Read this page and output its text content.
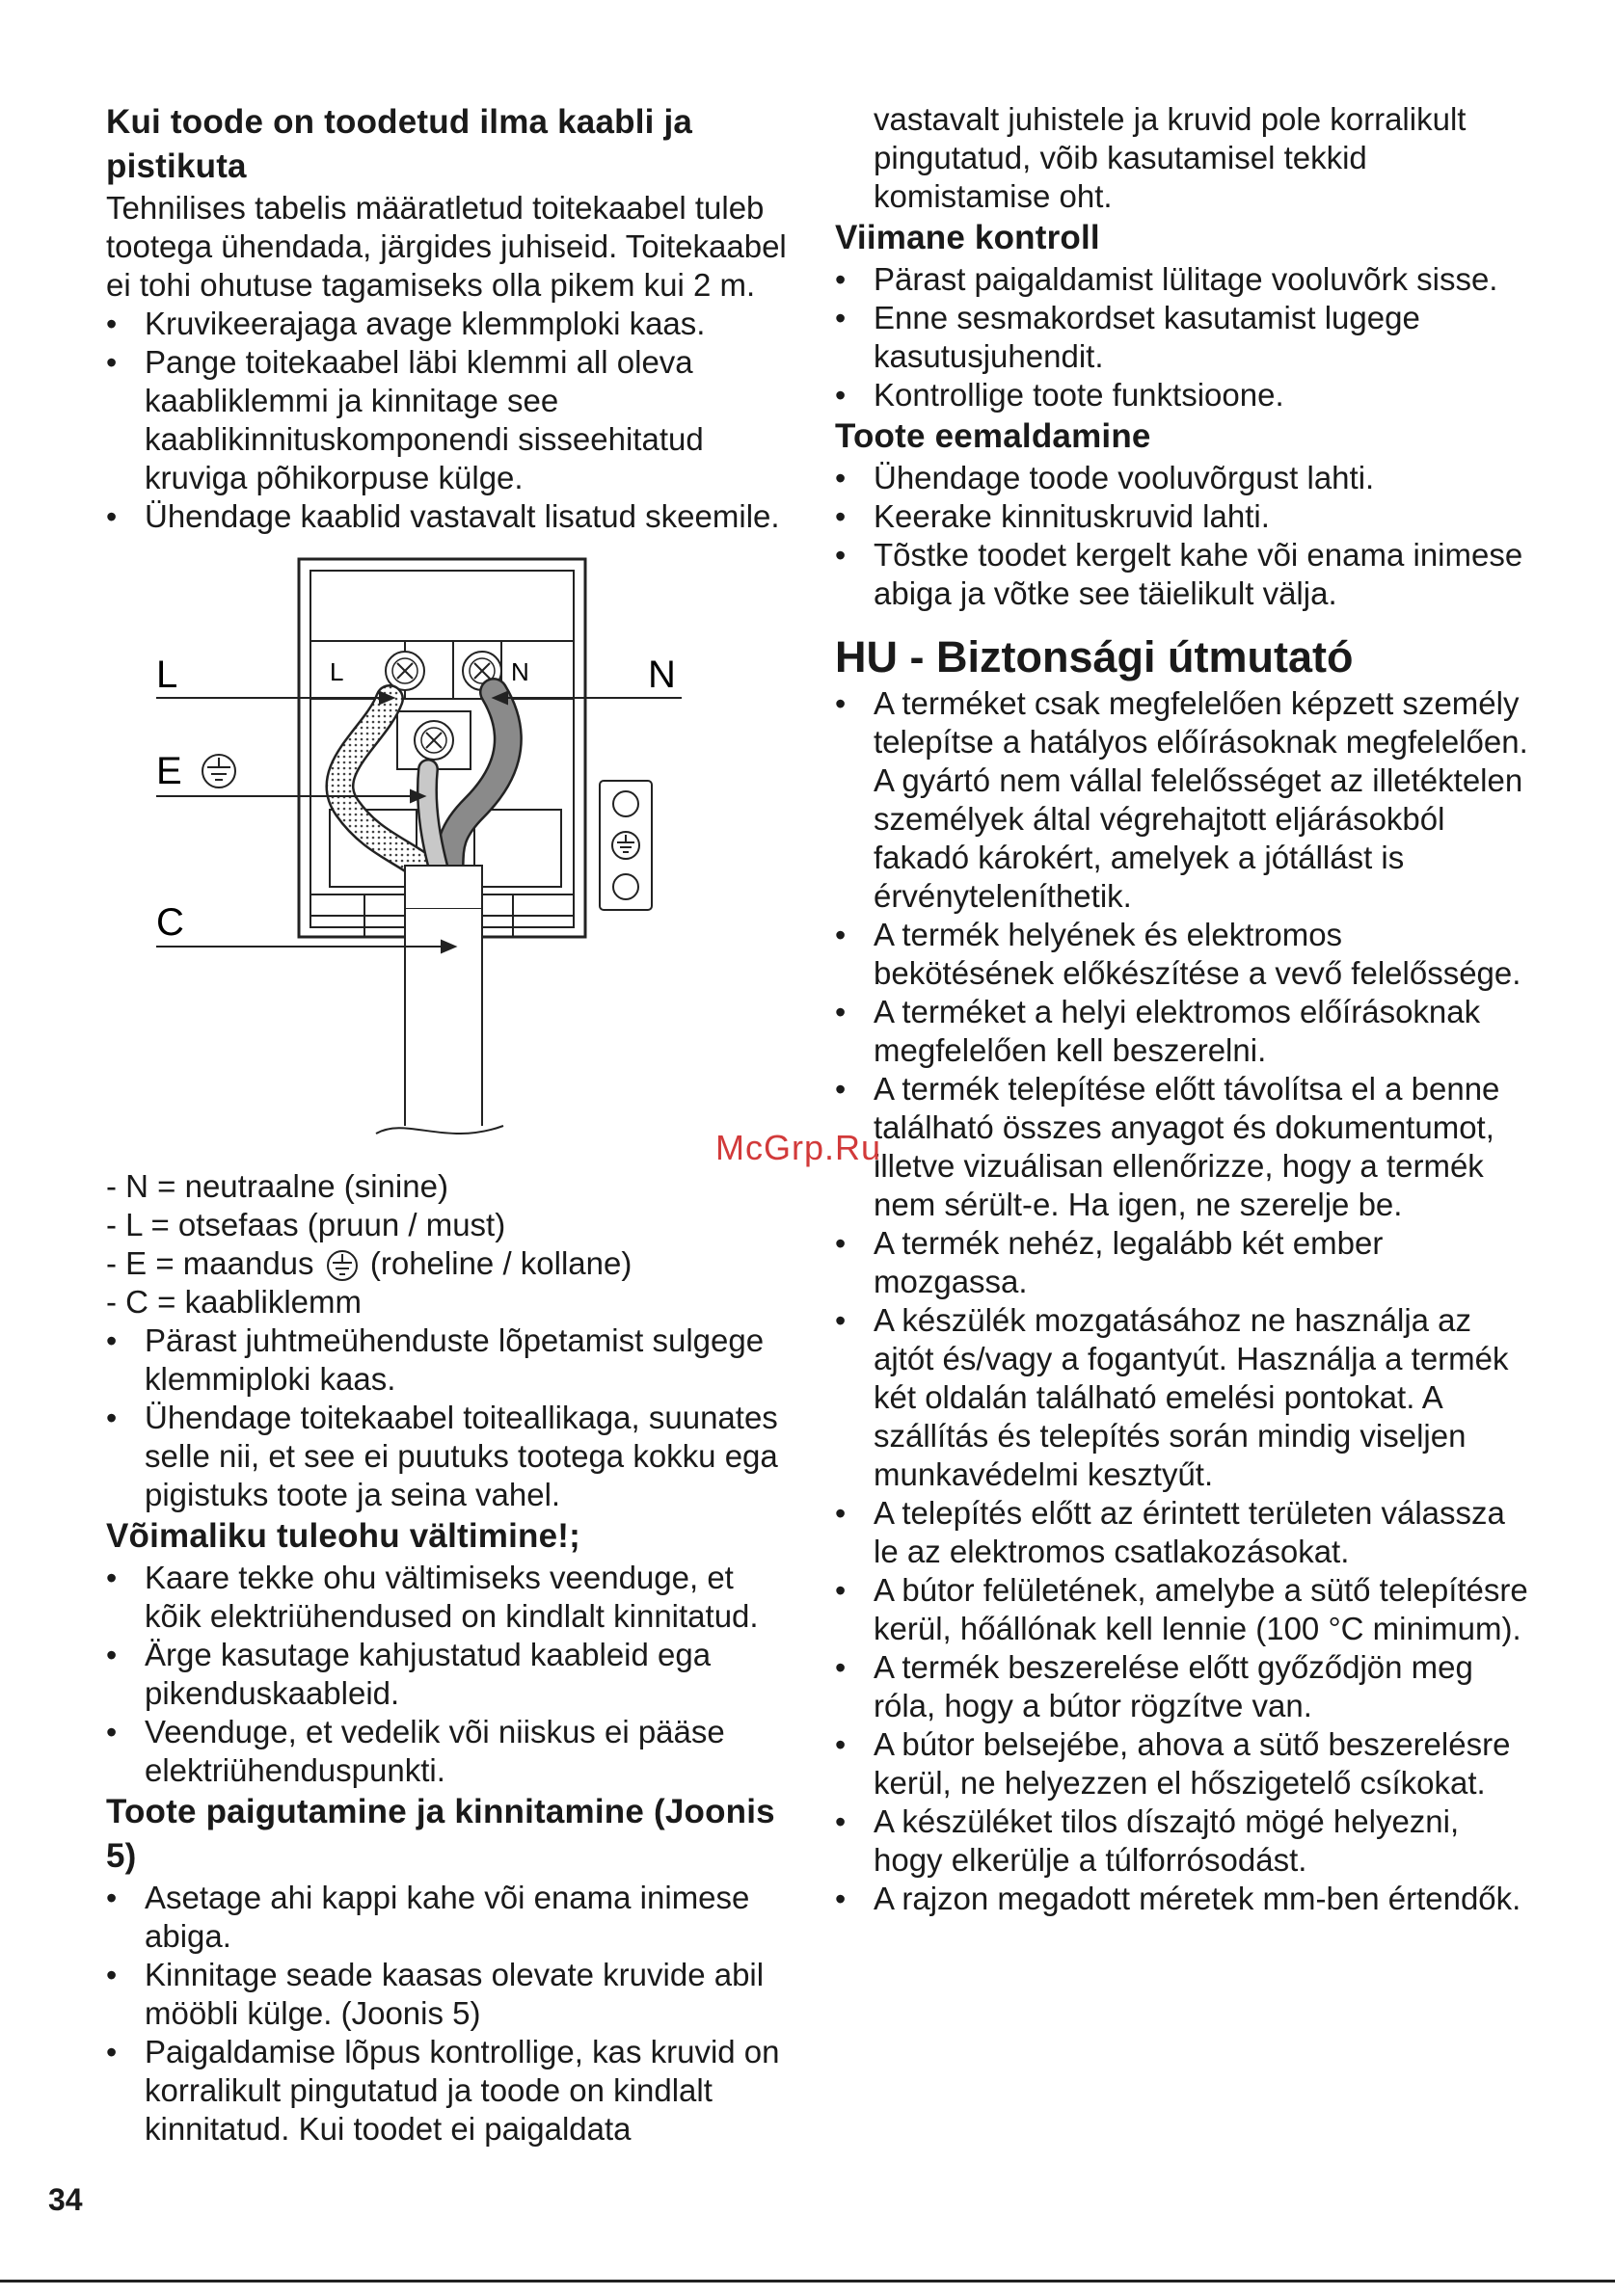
Kui toode on toodetud ilma kaabli ja pistikuta

Tehnilises tabelis määratletud toitekaabel tuleb tootega ühendada, järgides juhiseid. Toitekaabel ei tohi ohutuse tagamiseks olla pikem kui 2 m.

• Kruvikeerajaga avage klemmploki kaas.
• Pange toitekaabel läbi klemmi all oleva kaabliklemmi ja kinnitage see kaablikinnituskomponendi sisseehitatud kruviga põhikorpuse külge.
• Ühendage kaablid vastavalt lisatud skeemile.
L	N
L	N
E
C
- N = neutraalne (sinine)
- L = otsefaas (pruun / must)
- E = maandus (roheline / kollane)
- C = kaabliklemm
• Pärast juhtmeühenduste lõpetamist sulgege klemmiploki kaas.
• Ühendage toitekaabel toiteallikaga, suunates selle nii, et see ei puutuks tootega kokku ega pigistuks toote ja seina vahel.
Võimaliku tuleohu vältimine!;
• Kaare tekke ohu vältimiseks veenduge, et kõik elektriühendused on kindlalt kinnitatud.
• Ärge kasutage kahjustatud kaableid ega pikenduskaableid.
• Veenduge, et vedelik või niiskus ei pääse elektriühenduspunkti.
Toote paigutamine ja kinnitamine (Joonis 5)
• Asetage ahi kappi kahe või enama inimese abiga.
• Kinnitage seade kaasas olevate kruvide abil mööbli külge. (Joonis 5)
• Paigaldamise lõpus kontrollige, kas kruvid on korralikult pingutatud ja toode on kindlalt kinnitatud. Kui toodet ei paigaldata

vastavalt juhistele ja kruvid pole korralikult pingutatud, võib kasutamisel tekkid komistamise oht.

Viimane kontroll
• Pärast paigaldamist lülitage vooluvõrk sisse.
• Enne sesmakordset kasutamist lugege kasutusjuhendit.
• Kontrollige toote funktsioone.
Toote eemaldamine
• Ühendage toode vooluvõrgust lahti.
• Keerake kinnituskruvid lahti.
• Tõstke toodet kergelt kahe või enama inimese abiga ja võtke see täielikult välja.
HU - Biztonsági útmutató
• A terméket csak megfelelően képzett személy telepítse a hatályos előírásoknak megfelelően. A gyártó nem vállal felelősséget az illetéktelen személyek által végrehajtott eljárásokból fakadó károkért, amelyek a jótállást is érvényteleníthetik.
• A termék helyének és elektromos bekötésének előkészítése a vevő felelőssége.
• A terméket a helyi elektromos előírásoknak megfelelően kell beszerelni.
• A termék telepítése előtt távolítsa el a benne található összes anyagot és dokumentumot, illetve vizuálisan ellenőrizze, hogy a termék nem sérült-e. Ha igen, ne szerelje be.
• A termék nehéz, legalább két ember mozgassa.
• A készülék mozgatásához ne használja az ajtót és/vagy a fogantyút. Használja a termék két oldalán található emelési pontokat. A szállítás és telepítés során mindig viseljen munkavédelmi kesztyűt.
• A telepítés előtt az érintett területen válassza le az elektromos csatlakozásokat.
• A bútor felületének, amelybe a sütő telepítésre kerül, hőállónak kell lennie (100 °C minimum).
• A termék beszerelése előtt győződjön meg róla, hogy a bútor rögzítve van.
• A bútor belsejébe, ahova a sütő beszerelésre kerül, ne helyezzen el hőszigetelő csíkokat.
• A készüléket tilos díszajtó mögé helyezni, hogy elkerülje a túlforrósodást.
• A rajzon megadott méretek mm-ben értendők.
McGrp.Ru
34
